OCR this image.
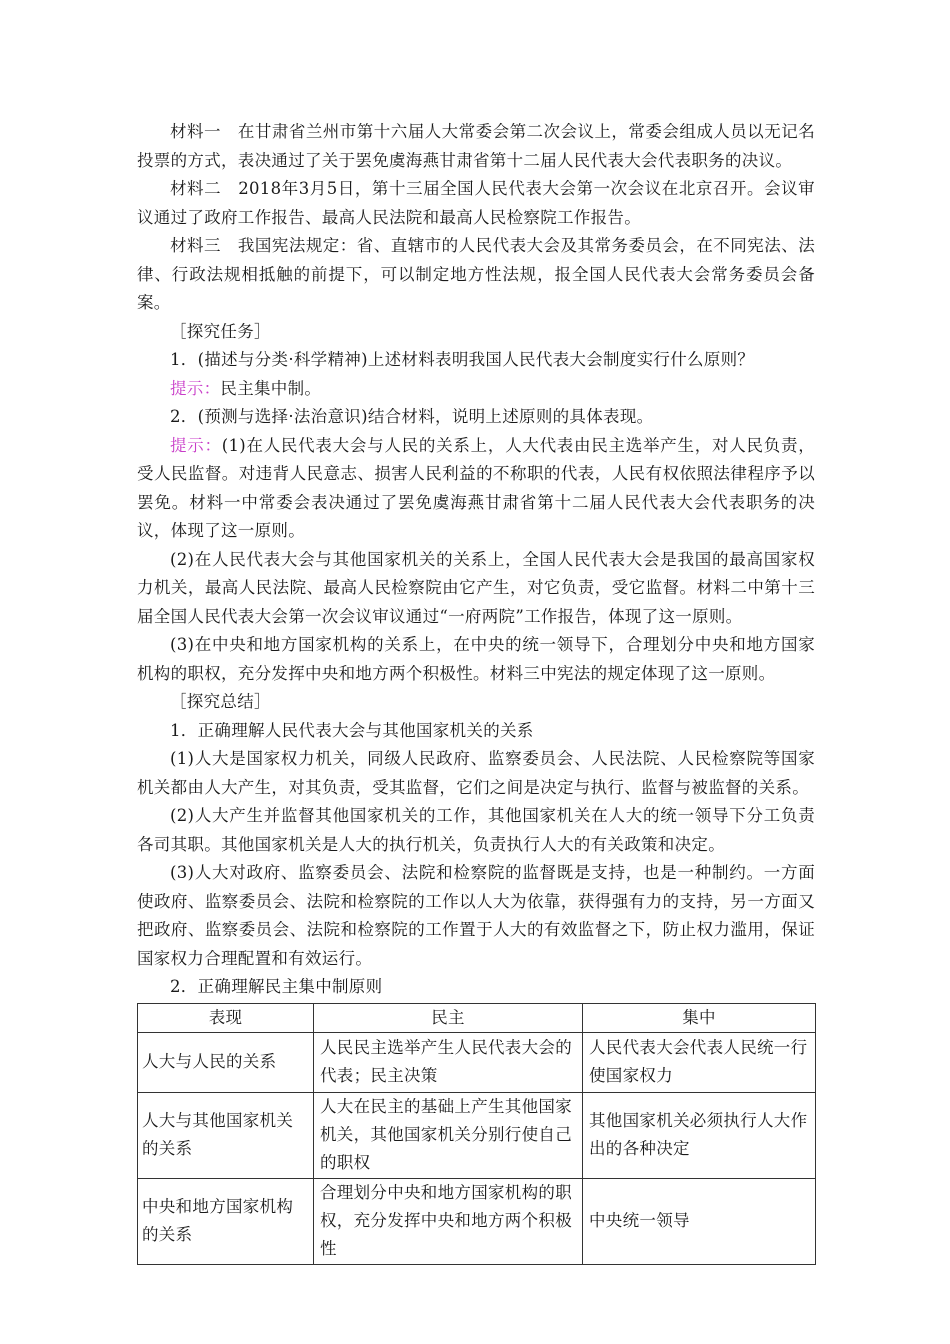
材料一　在甘肃省兰州市第十六届人大常委会第二次会议上，常委会组成人员以无记名投票的方式，表决通过了关于罢免虞海燕甘肃省第十二届人民代表大会代表职务的决议。

材料二　2018年3月5日，第十三届全国人民代表大会第一次会议在北京召开。会议审议通过了政府工作报告、最高人民法院和最高人民检察院工作报告。

材料三　我国宪法规定：省、直辖市的人民代表大会及其常务委员会，在不同宪法、法律、行政法规相抵触的前提下，可以制定地方性法规，报全国人民代表大会常务委员会备案。

［探究任务］

1．(描述与分类·科学精神)上述材料表明我国人民代表大会制度实行什么原则？

提示：民主集中制。

2．(预测与选择·法治意识)结合材料，说明上述原则的具体表现。

提示：(1)在人民代表大会与人民的关系上，人大代表由民主选举产生，对人民负责，受人民监督。对违背人民意志、损害人民利益的不称职的代表，人民有权依照法律程序予以罢免。材料一中常委会表决通过了罢免虞海燕甘肃省第十二届人民代表大会代表职务的决议，体现了这一原则。

(2)在人民代表大会与其他国家机关的关系上，全国人民代表大会是我国的最高国家权力机关，最高人民法院、最高人民检察院由它产生，对它负责，受它监督。材料二中第十三届全国人民代表大会第一次会议审议通过“一府两院”工作报告，体现了这一原则。

(3)在中央和地方国家机构的关系上，在中央的统一领导下，合理划分中央和地方国家机构的职权，充分发挥中央和地方两个积极性。材料三中宪法的规定体现了这一原则。

［探究总结］

1．正确理解人民代表大会与其他国家机关的关系

(1)人大是国家权力机关，同级人民政府、监察委员会、人民法院、人民检察院等国家机关都由人大产生，对其负责，受其监督，它们之间是决定与执行、监督与被监督的关系。

(2)人大产生并监督其他国家机关的工作，其他国家机关在人大的统一领导下分工负责各司其职。其他国家机关是人大的执行机关，负责执行人大的有关政策和决定。

(3)人大对政府、监察委员会、法院和检察院的监督既是支持，也是一种制约。一方面使政府、监察委员会、法院和检察院的工作以人大为依靠，获得强有力的支持，另一方面又把政府、监察委员会、法院和检察院的工作置于人大的有效监督之下，防止权力滥用，保证国家权力合理配置和有效运行。

2．正确理解民主集中制原则

表现	民主	集中
人大与人民的关系	人民民主选举产生人民代表大会的代表；民主决策	人民代表大会代表人民统一行使国家权力
人大与其他国家机关的关系	人大在民主的基础上产生其他国家机关，其他国家机关分别行使自己的职权	其他国家机关必须执行人大作出的各种决定
中央和地方国家机构的关系	合理划分中央和地方国家机构的职权，充分发挥中央和地方两个积极性	中央统一领导
